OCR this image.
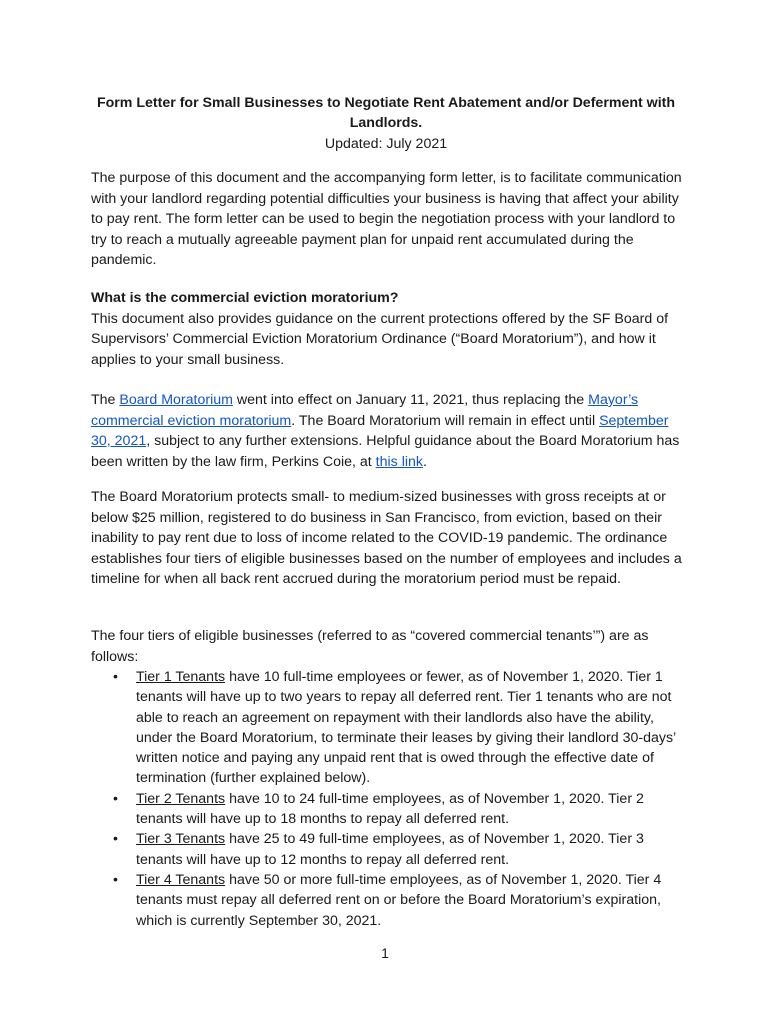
Form Letter for Small Businesses to Negotiate Rent Abatement and/or Deferment with Landlords.
Updated: July 2021

The purpose of this document and the accompanying form letter, is to facilitate communication with your landlord regarding potential difficulties your business is having that affect your ability to pay rent. The form letter can be used to begin the negotiation process with your landlord to try to reach a mutually agreeable payment plan for unpaid rent accumulated during the pandemic.

What is the commercial eviction moratorium?
This document also provides guidance on the current protections offered by the SF Board of Supervisors’ Commercial Eviction Moratorium Ordinance (“Board Moratorium”), and how it applies to your small business.

The Board Moratorium went into effect on January 11, 2021, thus replacing the Mayor’s commercial eviction moratorium. The Board Moratorium will remain in effect until September 30, 2021, subject to any further extensions. Helpful guidance about the Board Moratorium has been written by the law firm, Perkins Coie, at this link.

The Board Moratorium protects small- to medium-sized businesses with gross receipts at or below $25 million, registered to do business in San Francisco, from eviction, based on their inability to pay rent due to loss of income related to the COVID-19 pandemic. The ordinance establishes four tiers of eligible businesses based on the number of employees and includes a timeline for when all back rent accrued during the moratorium period must be repaid.

The four tiers of eligible businesses (referred to as “covered commercial tenants’”) are as follows:

• Tier 1 Tenants have 10 full-time employees or fewer, as of November 1, 2020. Tier 1 tenants will have up to two years to repay all deferred rent. Tier 1 tenants who are not able to reach an agreement on repayment with their landlords also have the ability, under the Board Moratorium, to terminate their leases by giving their landlord 30-days’ written notice and paying any unpaid rent that is owed through the effective date of termination (further explained below).
• Tier 2 Tenants have 10 to 24 full-time employees, as of November 1, 2020. Tier 2 tenants will have up to 18 months to repay all deferred rent.
• Tier 3 Tenants have 25 to 49 full-time employees, as of November 1, 2020. Tier 3 tenants will have up to 12 months to repay all deferred rent.
• Tier 4 Tenants have 50 or more full-time employees, as of November 1, 2020. Tier 4 tenants must repay all deferred rent on or before the Board Moratorium’s expiration, which is currently September 30, 2021.
1
